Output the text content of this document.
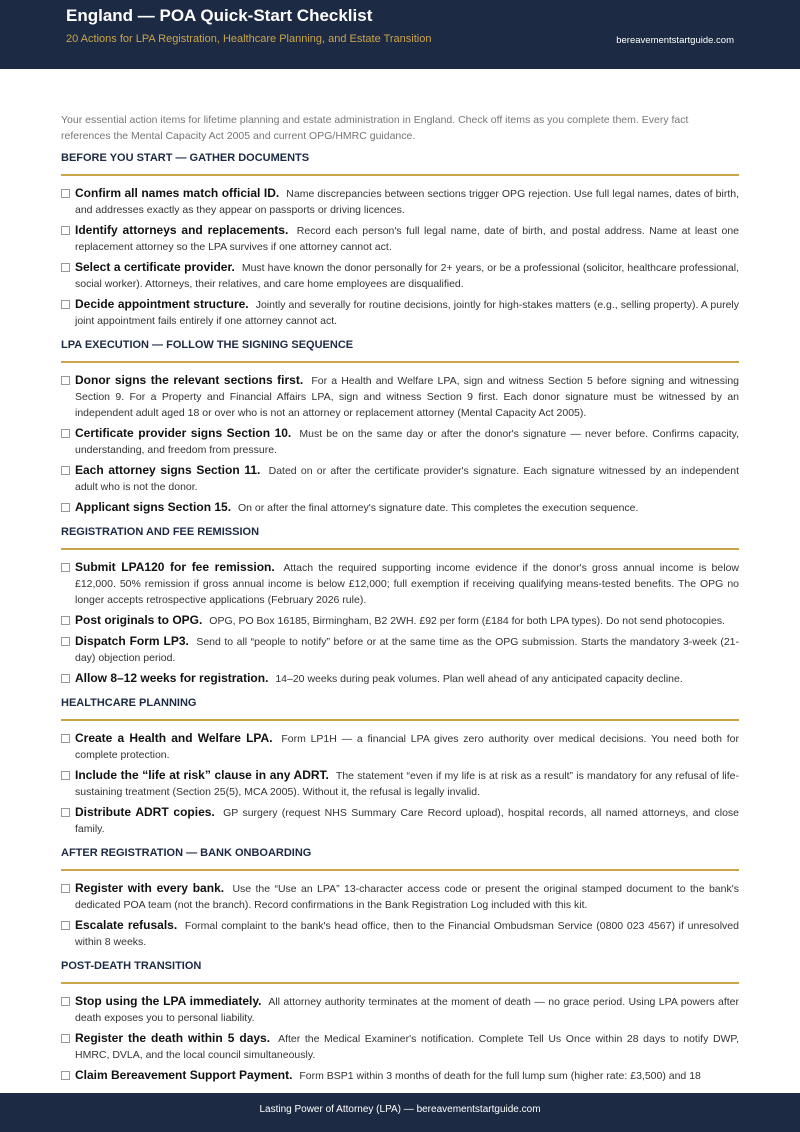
England — POA Quick-Start Checklist
20 Actions for LPA Registration, Healthcare Planning, and Estate Transition	bereavementstartguide.com

Your essential action items for lifetime planning and estate administration in England. Check off items as you complete them. Every fact references the Mental Capacity Act 2005 and current OPG/HMRC guidance.

BEFORE YOU START — GATHER DOCUMENTS
Confirm all names match official ID. Name discrepancies between sections trigger OPG rejection. Use full legal names, dates of birth, and addresses exactly as they appear on passports or driving licences.
Identify attorneys and replacements. Record each person's full legal name, date of birth, and postal address. Name at least one replacement attorney so the LPA survives if one attorney cannot act.
Select a certificate provider. Must have known the donor personally for 2+ years, or be a professional (solicitor, healthcare professional, social worker). Attorneys, their relatives, and care home employees are disqualified.
Decide appointment structure. Jointly and severally for routine decisions, jointly for high-stakes matters (e.g., selling property). A purely joint appointment fails entirely if one attorney cannot act.
LPA EXECUTION — FOLLOW THE SIGNING SEQUENCE
Donor signs the relevant sections first. For a Health and Welfare LPA, sign and witness Section 5 before signing and witnessing Section 9. For a Property and Financial Affairs LPA, sign and witness Section 9 first. Each donor signature must be witnessed by an independent adult aged 18 or over who is not an attorney or replacement attorney (Mental Capacity Act 2005).
Certificate provider signs Section 10. Must be on the same day or after the donor's signature — never before. Confirms capacity, understanding, and freedom from pressure.
Each attorney signs Section 11. Dated on or after the certificate provider's signature. Each signature witnessed by an independent adult who is not the donor.
Applicant signs Section 15. On or after the final attorney's signature date. This completes the execution sequence.
REGISTRATION AND FEE REMISSION
Submit LPA120 for fee remission. Attach the required supporting income evidence if the donor's gross annual income is below £12,000. 50% remission if gross annual income is below £12,000; full exemption if receiving qualifying means-tested benefits. The OPG no longer accepts retrospective applications (February 2026 rule).
Post originals to OPG. OPG, PO Box 16185, Birmingham, B2 2WH. £92 per form (£184 for both LPA types). Do not send photocopies.
Dispatch Form LP3. Send to all “people to notify” before or at the same time as the OPG submission. Starts the mandatory 3-week (21-day) objection period.
Allow 8–12 weeks for registration. 14–20 weeks during peak volumes. Plan well ahead of any anticipated capacity decline.
HEALTHCARE PLANNING
Create a Health and Welfare LPA. Form LP1H — a financial LPA gives zero authority over medical decisions. You need both for complete protection.
Include the “life at risk” clause in any ADRT. The statement “even if my life is at risk as a result” is mandatory for any refusal of life-sustaining treatment (Section 25(5), MCA 2005). Without it, the refusal is legally invalid.
Distribute ADRT copies. GP surgery (request NHS Summary Care Record upload), hospital records, all named attorneys, and close family.
AFTER REGISTRATION — BANK ONBOARDING
Register with every bank. Use the “Use an LPA” 13-character access code or present the original stamped document to the bank's dedicated POA team (not the branch). Record confirmations in the Bank Registration Log included with this kit.
Escalate refusals. Formal complaint to the bank's head office, then to the Financial Ombudsman Service (0800 023 4567) if unresolved within 8 weeks.
POST-DEATH TRANSITION
Stop using the LPA immediately. All attorney authority terminates at the moment of death — no grace period. Using LPA powers after death exposes you to personal liability.
Register the death within 5 days. After the Medical Examiner's notification. Complete Tell Us Once within 28 days to notify DWP, HMRC, DVLA, and the local council simultaneously.
Claim Bereavement Support Payment. Form BSP1 within 3 months of death for the full lump sum (higher rate: £3,500) and 18
Lasting Power of Attorney (LPA) — bereavementstartguide.com
